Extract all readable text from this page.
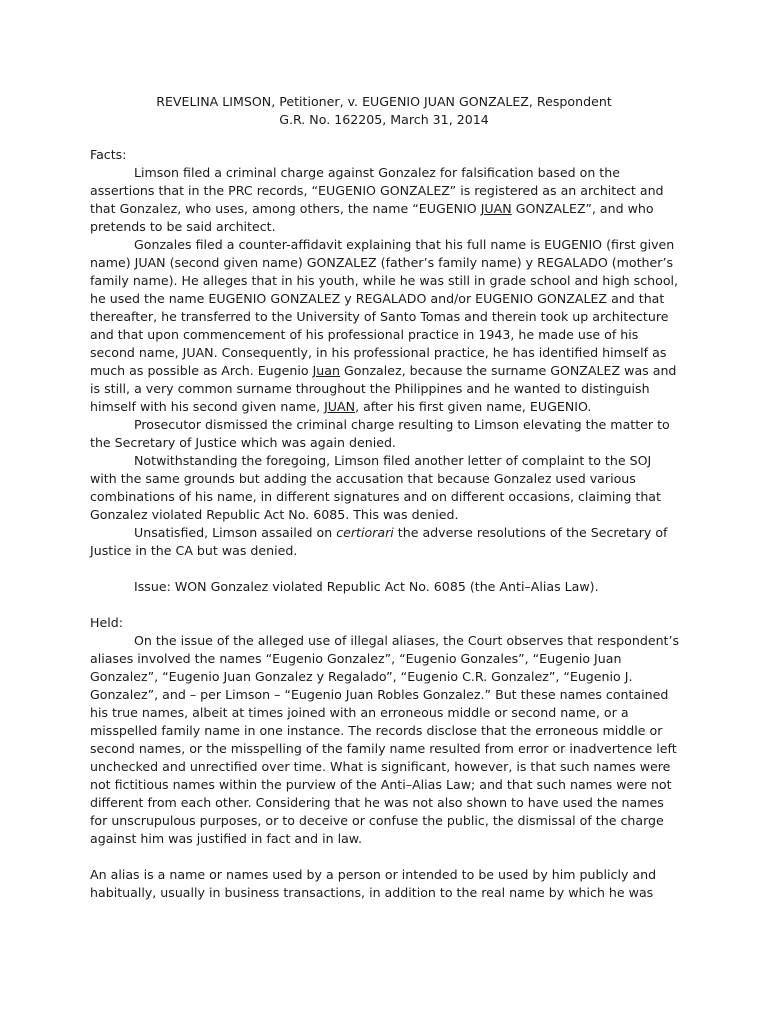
REVELINA LIMSON, Petitioner, v. EUGENIO JUAN GONZALEZ, Respondent
G.R. No. 162205, March 31, 2014

Facts:

Limson filed a criminal charge against Gonzalez for falsification based on the assertions that in the PRC records, “EUGENIO GONZALEZ” is registered as an architect and that Gonzalez, who uses, among others, the name “EUGENIO JUAN GONZALEZ”, and who pretends to be said architect.

Gonzales filed a counter-affidavit explaining that his full name is EUGENIO (first given name) JUAN (second given name) GONZALEZ (father’s family name) y REGALADO (mother’s family name). He alleges that in his youth, while he was still in grade school and high school, he used the name EUGENIO GONZALEZ y REGALADO and/or EUGENIO GONZALEZ and that thereafter, he transferred to the University of Santo Tomas and therein took up architecture and that upon commencement of his professional practice in 1943, he made use of his second name, JUAN. Consequently, in his professional practice, he has identified himself as much as possible as Arch. Eugenio Juan Gonzalez, because the surname GONZALEZ was and is still, a very common surname throughout the Philippines and he wanted to distinguish himself with his second given name, JUAN, after his first given name, EUGENIO.

Prosecutor dismissed the criminal charge resulting to Limson elevating the matter to the Secretary of Justice which was again denied.

Notwithstanding the foregoing, Limson filed another letter of complaint to the SOJ with the same grounds but adding the accusation that because Gonzalez used various combinations of his name, in different signatures and on different occasions, claiming that Gonzalez violated Republic Act No. 6085. This was denied.

Unsatisfied, Limson assailed on certiorari the adverse resolutions of the Secretary of Justice in the CA but was denied.

Issue: WON Gonzalez violated Republic Act No. 6085 (the Anti–Alias Law).

Held:

On the issue of the alleged use of illegal aliases, the Court observes that respondent’s aliases involved the names “Eugenio Gonzalez”, “Eugenio Gonzales”, “Eugenio Juan Gonzalez”, “Eugenio Juan Gonzalez y Regalado”, “Eugenio C.R. Gonzalez”, “Eugenio J. Gonzalez”, and – per Limson – “Eugenio Juan Robles Gonzalez.” But these names contained his true names, albeit at times joined with an erroneous middle or second name, or a misspelled family name in one instance. The records disclose that the erroneous middle or second names, or the misspelling of the family name resulted from error or inadvertence left unchecked and unrectified over time. What is significant, however, is that such names were not fictitious names within the purview of the Anti–Alias Law; and that such names were not different from each other. Considering that he was not also shown to have used the names for unscrupulous purposes, or to deceive or confuse the public, the dismissal of the charge against him was justified in fact and in law.

An alias is a name or names used by a person or intended to be used by him publicly and habitually, usually in business transactions, in addition to the real name by which he was
